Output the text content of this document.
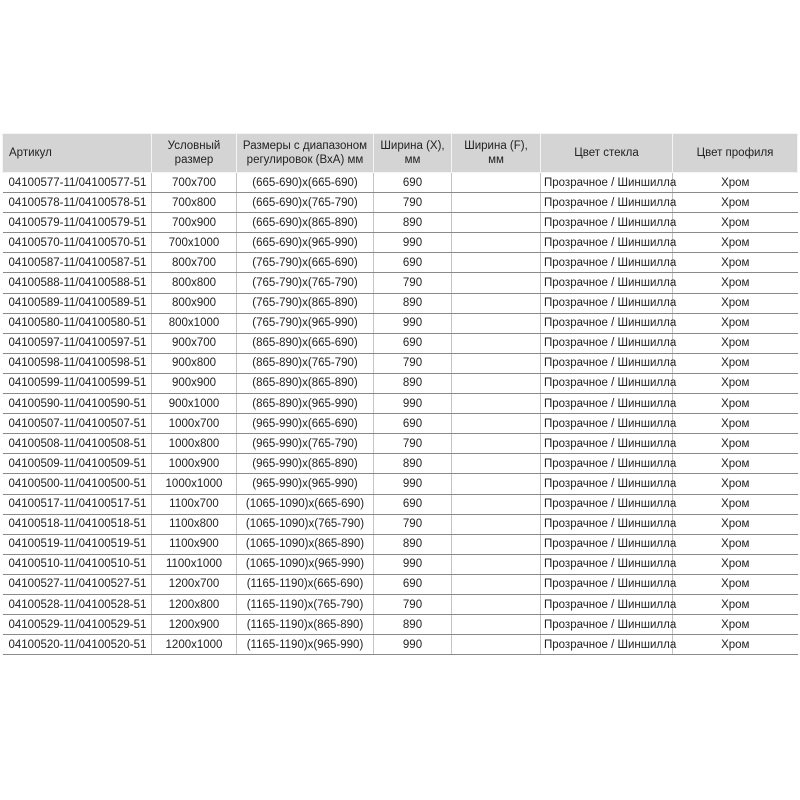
Артикул	Условный размер	Размеры с диапазоном регулировок (ВхА) мм	Ширина (X), мм	Ширина (F), мм	Цвет стекла	Цвет профиля
04100577-11/04100577-51	700x700	(665-690)x(665-690)	690		Прозрачное / Шиншилла	Хром
04100578-11/04100578-51	700x800	(665-690)x(765-790)	790		Прозрачное / Шиншилла	Хром
04100579-11/04100579-51	700x900	(665-690)x(865-890)	890		Прозрачное / Шиншилла	Хром
04100570-11/04100570-51	700x1000	(665-690)x(965-990)	990		Прозрачное / Шиншилла	Хром
04100587-11/04100587-51	800x700	(765-790)x(665-690)	690		Прозрачное / Шиншилла	Хром
04100588-11/04100588-51	800x800	(765-790)x(765-790)	790		Прозрачное / Шиншилла	Хром
04100589-11/04100589-51	800x900	(765-790)x(865-890)	890		Прозрачное / Шиншилла	Хром
04100580-11/04100580-51	800x1000	(765-790)x(965-990)	990		Прозрачное / Шиншилла	Хром
04100597-11/04100597-51	900x700	(865-890)x(665-690)	690		Прозрачное / Шиншилла	Хром
04100598-11/04100598-51	900x800	(865-890)x(765-790)	790		Прозрачное / Шиншилла	Хром
04100599-11/04100599-51	900x900	(865-890)x(865-890)	890		Прозрачное / Шиншилла	Хром
04100590-11/04100590-51	900x1000	(865-890)x(965-990)	990		Прозрачное / Шиншилла	Хром
04100507-11/04100507-51	1000x700	(965-990)x(665-690)	690		Прозрачное / Шиншилла	Хром
04100508-11/04100508-51	1000x800	(965-990)x(765-790)	790		Прозрачное / Шиншилла	Хром
04100509-11/04100509-51	1000x900	(965-990)x(865-890)	890		Прозрачное / Шиншилла	Хром
04100500-11/04100500-51	1000x1000	(965-990)x(965-990)	990		Прозрачное / Шиншилла	Хром
04100517-11/04100517-51	1100x700	(1065-1090)x(665-690)	690		Прозрачное / Шиншилла	Хром
04100518-11/04100518-51	1100x800	(1065-1090)x(765-790)	790		Прозрачное / Шиншилла	Хром
04100519-11/04100519-51	1100x900	(1065-1090)x(865-890)	890		Прозрачное / Шиншилла	Хром
04100510-11/04100510-51	1100x1000	(1065-1090)x(965-990)	990		Прозрачное / Шиншилла	Хром
04100527-11/04100527-51	1200x700	(1165-1190)x(665-690)	690		Прозрачное / Шиншилла	Хром
04100528-11/04100528-51	1200x800	(1165-1190)x(765-790)	790		Прозрачное / Шиншилла	Хром
04100529-11/04100529-51	1200x900	(1165-1190)x(865-890)	890		Прозрачное / Шиншилла	Хром
04100520-11/04100520-51	1200x1000	(1165-1190)x(965-990)	990		Прозрачное / Шиншилла	Хром
